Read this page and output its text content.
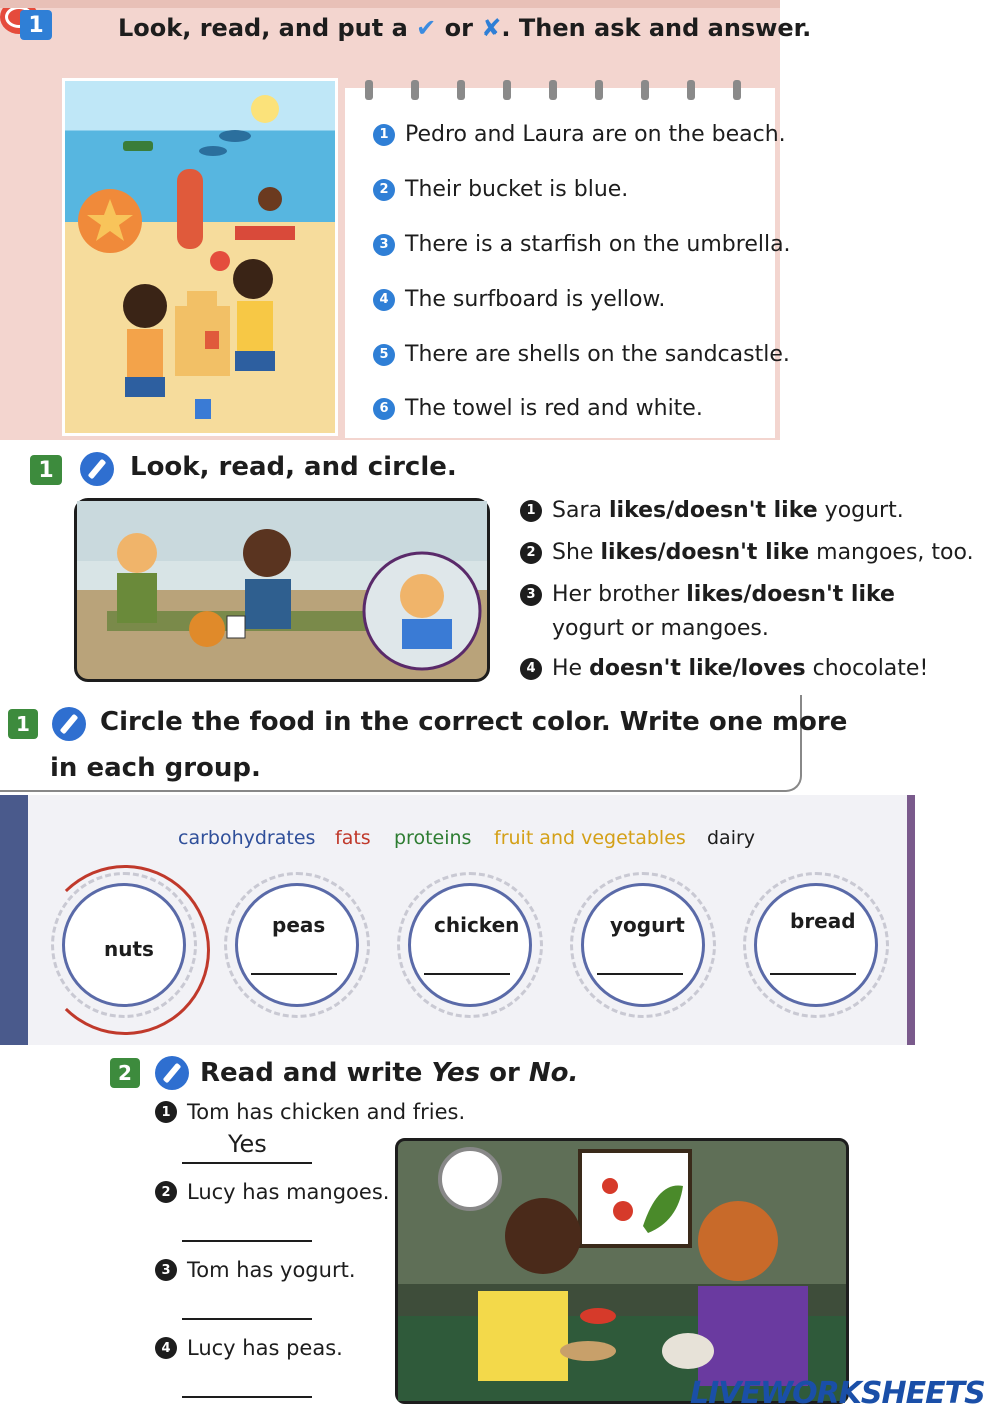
1	Look, read, and put a ✔ or ✘. Then ask and answer.
1 Pedro and Laura are on the beach.
2 Their bucket is blue.
3 There is a starfish on the umbrella.
4 The surfboard is yellow.
5 There are shells on the sandcastle.
6 The towel is red and white.
1	Look, read, and circle.
1 Sara
likes / doesn't like
yogurt.
2 She
likes / doesn't like
mangoes, too.
3 Her brother
likes / doesn't like
yogurt or mangoes.
4 He
doesn't like / loves
chocolate!
1	Circle the food in the correct color. Write one more
in each group.
carbohydrates fats proteins fruit and vegetables dairy
nuts
peas	chicken	yogurt	bread
2	Read and write Yes or No.
1 Tom has chicken and fries.
Yes
2 Lucy has mangoes.
3 Tom has yogurt.
4 Lucy has peas.
LIVEWORKSHEETS
